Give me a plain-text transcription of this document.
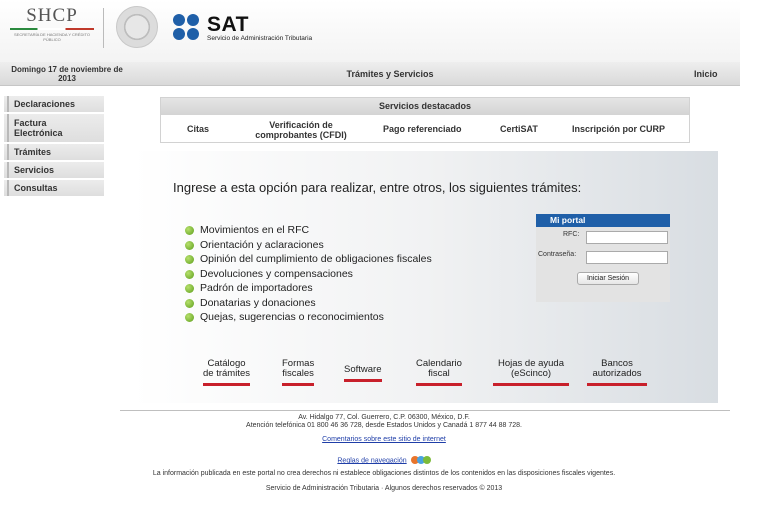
SHCP
SECRETARÍA DE HACIENDA Y CRÉDITO PÚBLICO
SAT
Servicio de Administración Tributaria
Domingo 17 de noviembre de 2013	Trámites y Servicios	Inicio
Declaraciones
Factura Electrónica
Trámites
Servicios
Consultas
Servicios destacados
Citas	Verificación de comprobantes (CFDI)
Pago referenciado	CertiSAT	Inscripción por CURP
Ingrese a esta opción para realizar, entre otros, los siguientes trámites:
Movimientos en el RFC
Orientación y aclaraciones
Opinión del cumplimiento de obligaciones fiscales
Devoluciones y compensaciones
Padrón de importadores
Donatarias y donaciones
Quejas, sugerencias o reconocimientos
Mi portal
RFC:
Contraseña:
Iniciar Sesión
Catálogo
de trámites
Formas
fiscales	Software
Calendario
fiscal
Hojas de ayuda
(eScinco)
Bancos
autorizados
Av. Hidalgo 77, Col. Guerrero, C.P. 06300, México, D.F.
Atención telefónica 01 800 46 36 728, desde Estados Unidos y Canadá 1 877 44 88 728.
Comentarios sobre este sitio de internet
Reglas de navegación
La información publicada en este portal no crea derechos ni establece obligaciones distintos de los contenidos en las disposiciones fiscales vigentes.
Servicio de Administración Tributaria · Algunos derechos reservados © 2013
